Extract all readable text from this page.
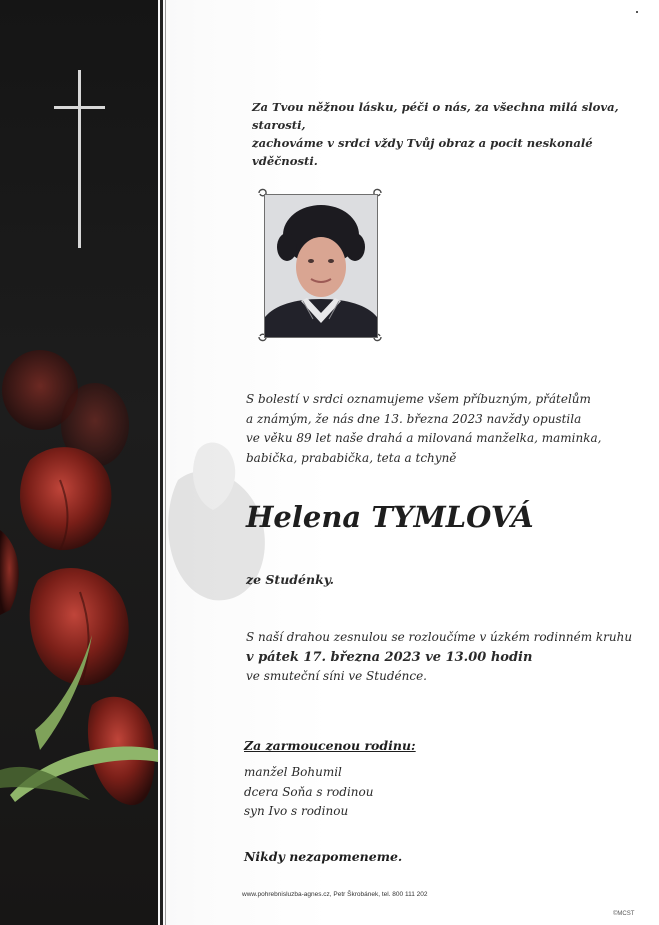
Za Tvou něžnou lásku, péči o nás, za všechna milá slova, starosti,
zachováme v srdci vždy Tvůj obraz a pocit neskonalé vděčnosti.
S bolestí v srdci oznamujeme všem příbuzným, přátelům
a známým, že nás dne 13. března 2023 navždy opustila
ve věku 89 let naše drahá a milovaná manželka, maminka,
babička, prababička, teta a tchyně
Helena TYMLOVÁ
ze Studénky.
S naší drahou zesnulou se rozloučíme v úzkém rodinném kruhu
v pátek 17. března 2023 ve 13.00 hodin
ve smuteční síni ve Studénce.
Za zarmoucenou rodinu:
manžel Bohumil
dcera Soňa s rodinou
syn Ivo s rodinou
Nikdy nezapomeneme.
www.pohrebnisluzba-agnes.cz, Petr Škrobánek, tel. 800 111 202
©MCST
